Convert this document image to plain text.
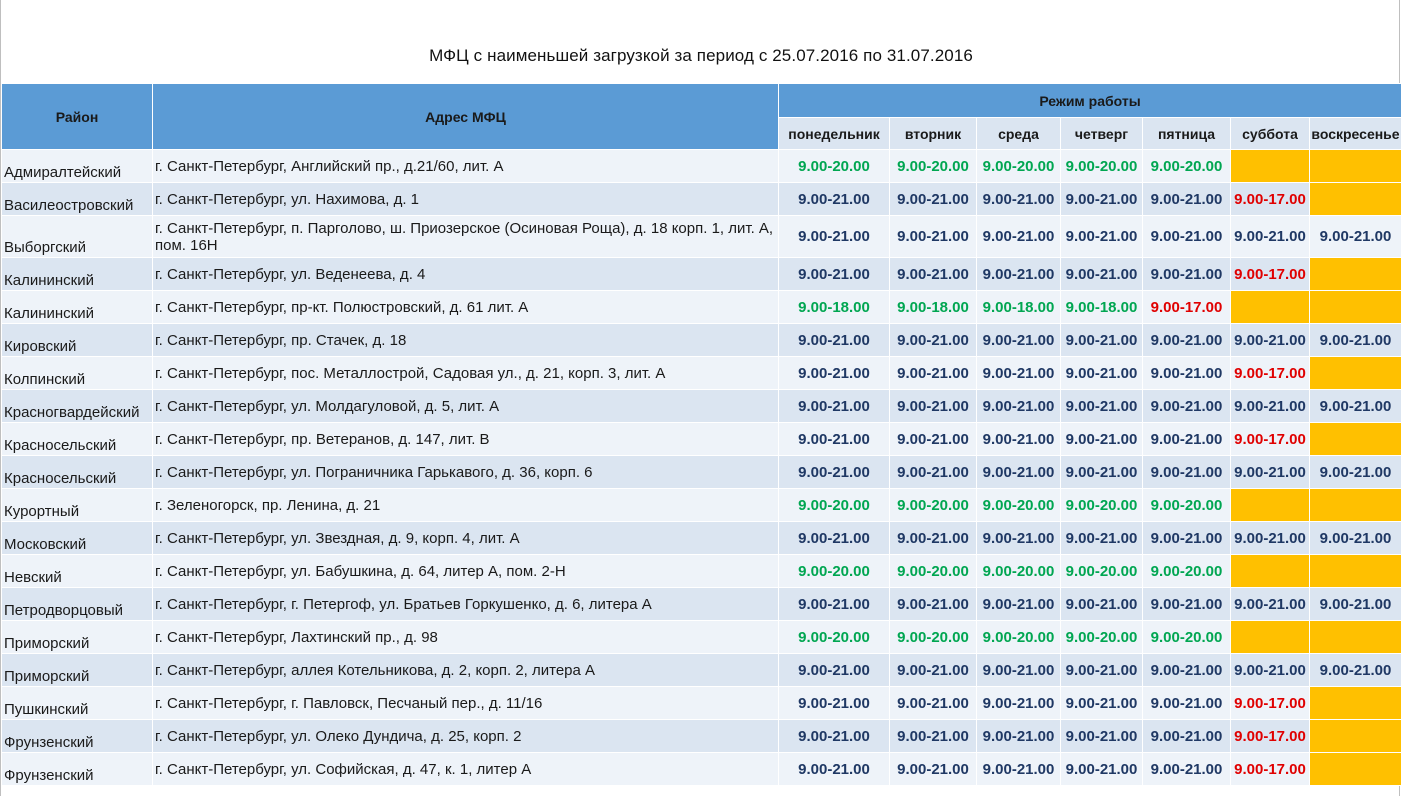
МФЦ с наименьшей загрузкой за период с 25.07.2016 по 31.07.2016
Район	Адрес МФЦ	Режим работы						
		понедельник	вторник	среда	четверг	пятница	суббота	воскресенье
Адмиралтейский	г. Санкт-Петербург, Английский пр., д.21/60, лит. А	9.00-20.00	9.00-20.00	9.00-20.00	9.00-20.00	9.00-20.00		
Василеостровский	г. Санкт-Петербург, ул. Нахимова, д. 1	9.00-21.00	9.00-21.00	9.00-21.00	9.00-21.00	9.00-21.00	9.00-17.00	
Выборгский	г. Санкт-Петербург, п. Парголово, ш. Приозерское (Осиновая Роща), д. 18 корп. 1, лит. А, пом. 16Н	9.00-21.00	9.00-21.00	9.00-21.00	9.00-21.00	9.00-21.00	9.00-21.00	9.00-21.00
Калининский	г. Санкт-Петербург, ул. Веденеева, д. 4	9.00-21.00	9.00-21.00	9.00-21.00	9.00-21.00	9.00-21.00	9.00-17.00	
Калининский	г. Санкт-Петербург, пр-кт. Полюстровский, д. 61 лит. А	9.00-18.00	9.00-18.00	9.00-18.00	9.00-18.00	9.00-17.00		
Кировский	г. Санкт-Петербург, пр. Стачек, д. 18	9.00-21.00	9.00-21.00	9.00-21.00	9.00-21.00	9.00-21.00	9.00-21.00	9.00-21.00
Колпинский	г. Санкт-Петербург, пос. Металлострой, Садовая ул., д. 21, корп. 3, лит. А	9.00-21.00	9.00-21.00	9.00-21.00	9.00-21.00	9.00-21.00	9.00-17.00	
Красногвардейский	г. Санкт-Петербург, ул. Молдагуловой, д. 5, лит. А	9.00-21.00	9.00-21.00	9.00-21.00	9.00-21.00	9.00-21.00	9.00-21.00	9.00-21.00
Красносельский	г. Санкт-Петербург, пр. Ветеранов, д. 147, лит. В	9.00-21.00	9.00-21.00	9.00-21.00	9.00-21.00	9.00-21.00	9.00-17.00	
Красносельский	г. Санкт-Петербург, ул. Пограничника Гарькавого, д. 36, корп. 6	9.00-21.00	9.00-21.00	9.00-21.00	9.00-21.00	9.00-21.00	9.00-21.00	9.00-21.00
Курортный	г. Зеленогорск, пр. Ленина, д. 21	9.00-20.00	9.00-20.00	9.00-20.00	9.00-20.00	9.00-20.00		
Московский	г. Санкт-Петербург, ул. Звездная, д. 9, корп. 4, лит. А	9.00-21.00	9.00-21.00	9.00-21.00	9.00-21.00	9.00-21.00	9.00-21.00	9.00-21.00
Невский	г. Санкт-Петербург, ул. Бабушкина, д. 64, литер А, пом. 2-Н	9.00-20.00	9.00-20.00	9.00-20.00	9.00-20.00	9.00-20.00		
Петродворцовый	г. Санкт-Петербург, г. Петергоф, ул. Братьев Горкушенко, д. 6, литера А	9.00-21.00	9.00-21.00	9.00-21.00	9.00-21.00	9.00-21.00	9.00-21.00	9.00-21.00
Приморский	г. Санкт-Петербург, Лахтинский пр., д. 98	9.00-20.00	9.00-20.00	9.00-20.00	9.00-20.00	9.00-20.00		
Приморский	г. Санкт-Петербург, аллея Котельникова, д. 2, корп. 2, литера А	9.00-21.00	9.00-21.00	9.00-21.00	9.00-21.00	9.00-21.00	9.00-21.00	9.00-21.00
Пушкинский	г. Санкт-Петербург, г. Павловск, Песчаный пер., д. 11/16	9.00-21.00	9.00-21.00	9.00-21.00	9.00-21.00	9.00-21.00	9.00-17.00	
Фрунзенский	г. Санкт-Петербург, ул. Олеко Дундича, д. 25, корп. 2	9.00-21.00	9.00-21.00	9.00-21.00	9.00-21.00	9.00-21.00	9.00-17.00	
Фрунзенский	г. Санкт-Петербург, ул. Софийская, д. 47, к. 1, литер А	9.00-21.00	9.00-21.00	9.00-21.00	9.00-21.00	9.00-21.00	9.00-17.00	
